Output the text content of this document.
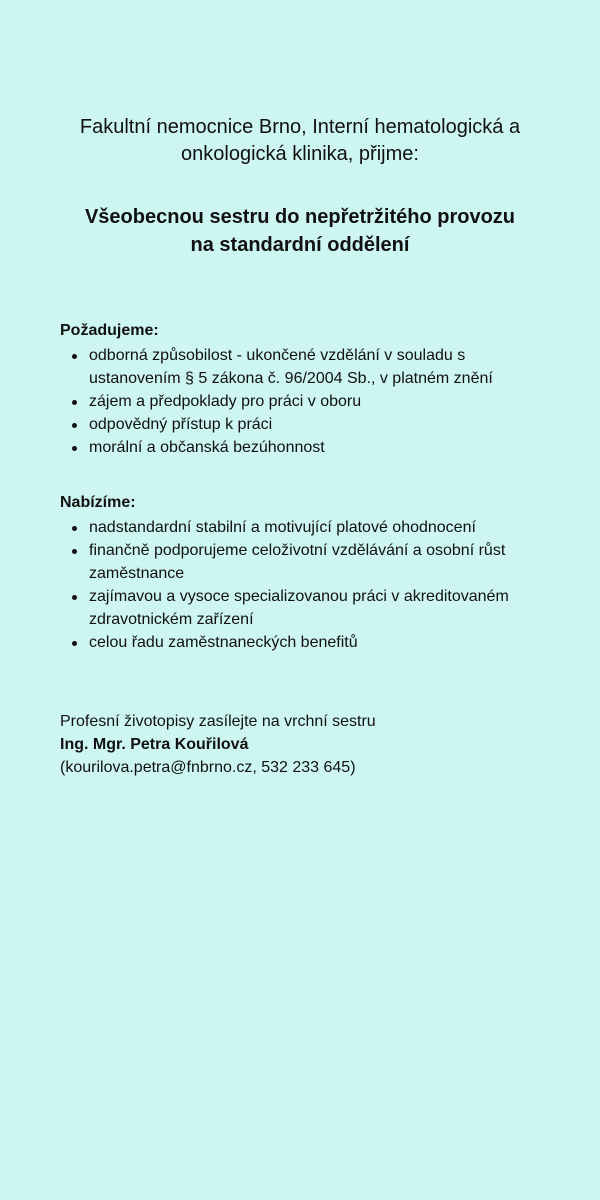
Fakultní nemocnice Brno, Interní hematologická a
onkologická klinika, přijme:

Všeobecnou sestru do nepřetržitého provozu
na standardní oddělení
Požadujeme:
odborná způsobilost - ukončené vzdělání v souladu s ustanovením § 5 zákona č. 96/2004 Sb., v platném znění
zájem a předpoklady pro práci v oboru
odpovědný přístup k práci
morální a občanská bezúhonnost
Nabízíme:
nadstandardní stabilní a motivující platové ohodnocení
finančně podporujeme celoživotní vzdělávání a osobní růst zaměstnance
zajímavou a vysoce specializovanou práci v akreditovaném zdravotnickém zařízení
celou řadu zaměstnaneckých benefitů
Profesní životopisy zasílejte na vrchní sestru
Ing. Mgr. Petra Kouřilová
(kourilova.petra@fnbrno.cz, 532 233 645)
